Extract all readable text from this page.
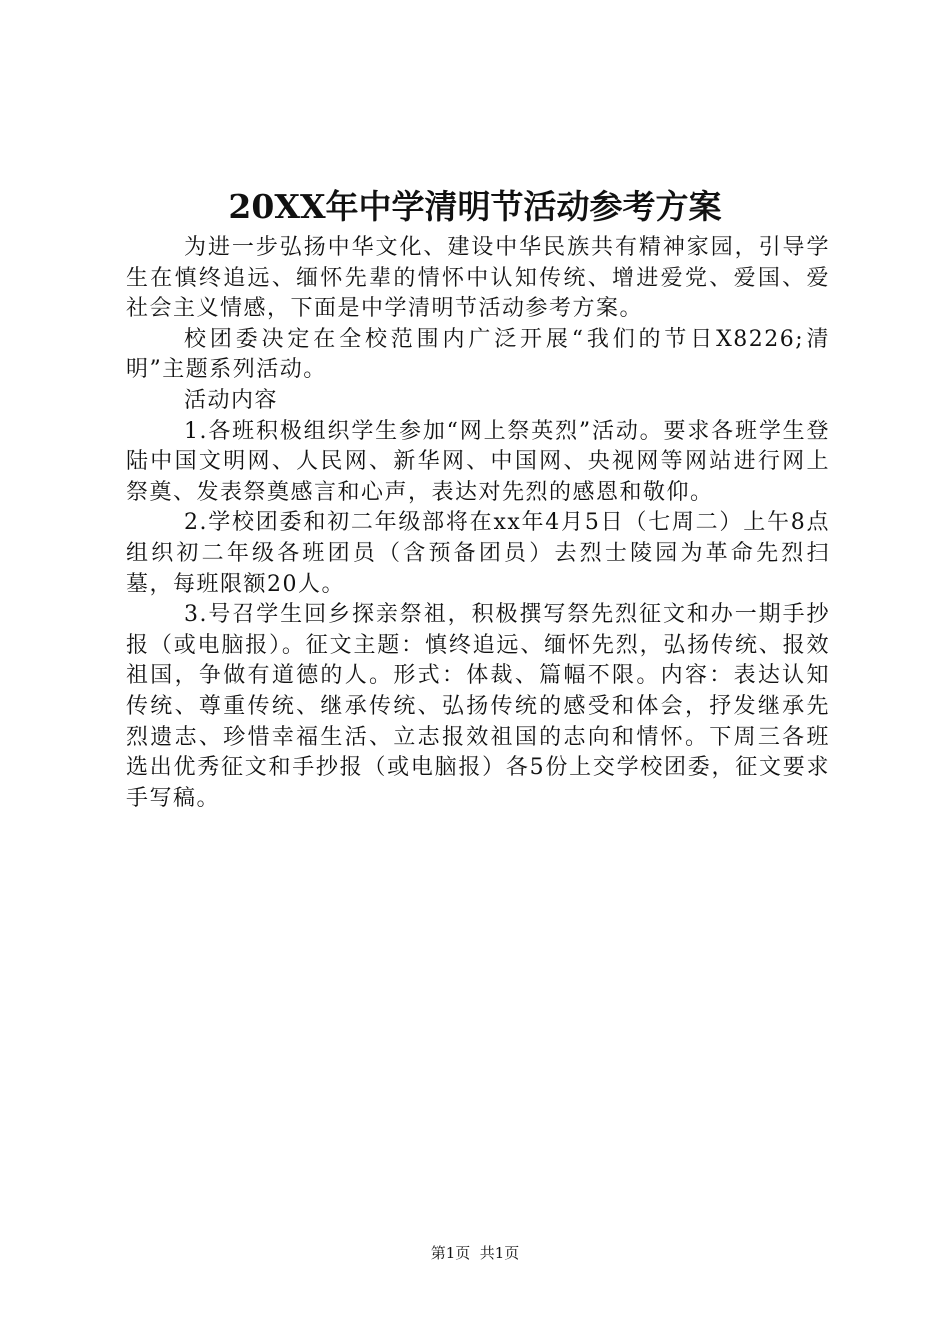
20XX年中学清明节活动参考方案

为进一步弘扬中华文化、建设中华民族共有精神家园，引导学生在慎终追远、缅怀先辈的情怀中认知传统、增进爱党、爱国、爱社会主义情感，下面是中学清明节活动参考方案。

校团委决定在全校范围内广泛开展“我们的节日X8226;清明”主题系列活动。

活动内容

1.各班积极组织学生参加“网上祭英烈”活动。要求各班学生登陆中国文明网、人民网、新华网、中国网、央视网等网站进行网上祭奠、发表祭奠感言和心声，表达对先烈的感恩和敬仰。

2.学校团委和初二年级部将在xx年4月5日（七周二）上午8点组织初二年级各班团员（含预备团员）去烈士陵园为革命先烈扫墓，每班限额20人。

3.号召学生回乡探亲祭祖，积极撰写祭先烈征文和办一期手抄报（或电脑报）。征文主题：慎终追远、缅怀先烈，弘扬传统、报效祖国，争做有道德的人。形式：体裁、篇幅不限。内容：表达认知传统、尊重传统、继承传统、弘扬传统的感受和体会，抒发继承先烈遗志、珍惜幸福生活、立志报效祖国的志向和情怀。下周三各班选出优秀征文和手抄报（或电脑报）各5份上交学校团委，征文要求手写稿。

第1页  共1页
